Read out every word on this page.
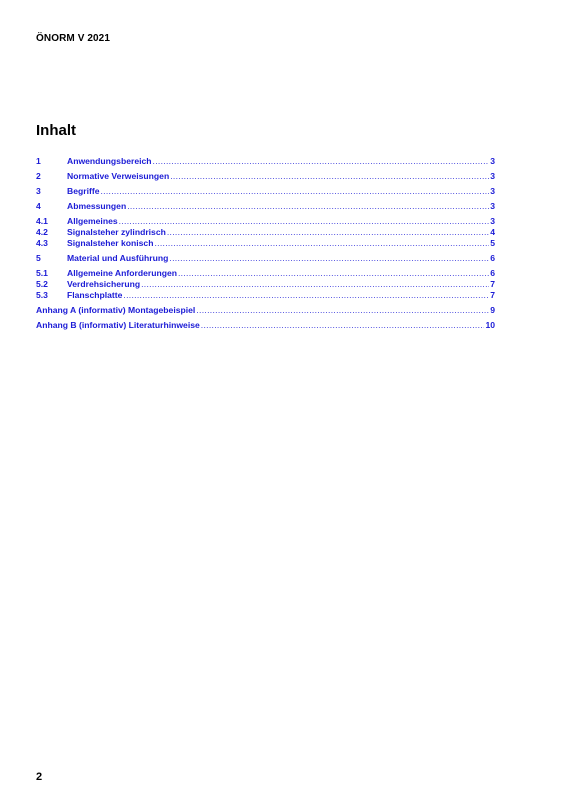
ÖNORM V 2021
Inhalt
1	Anwendungsbereich .....	3
2	Normative Verweisungen .....	3
3	Begriffe .....	3
4	Abmessungen .....	3
4.1	Allgemeines .....	3
4.2	Signalsteher zylindrisch .....	4
4.3	Signalsteher konisch .....	5
5	Material und Ausführung .....	6
5.1	Allgemeine Anforderungen .....	6
5.2	Verdrehsicherung .....	7
5.3	Flanschplatte .....	7
Anhang A (informativ) Montagebeispiel .....	9
Anhang B (informativ) Literaturhinweise .....	10
2
